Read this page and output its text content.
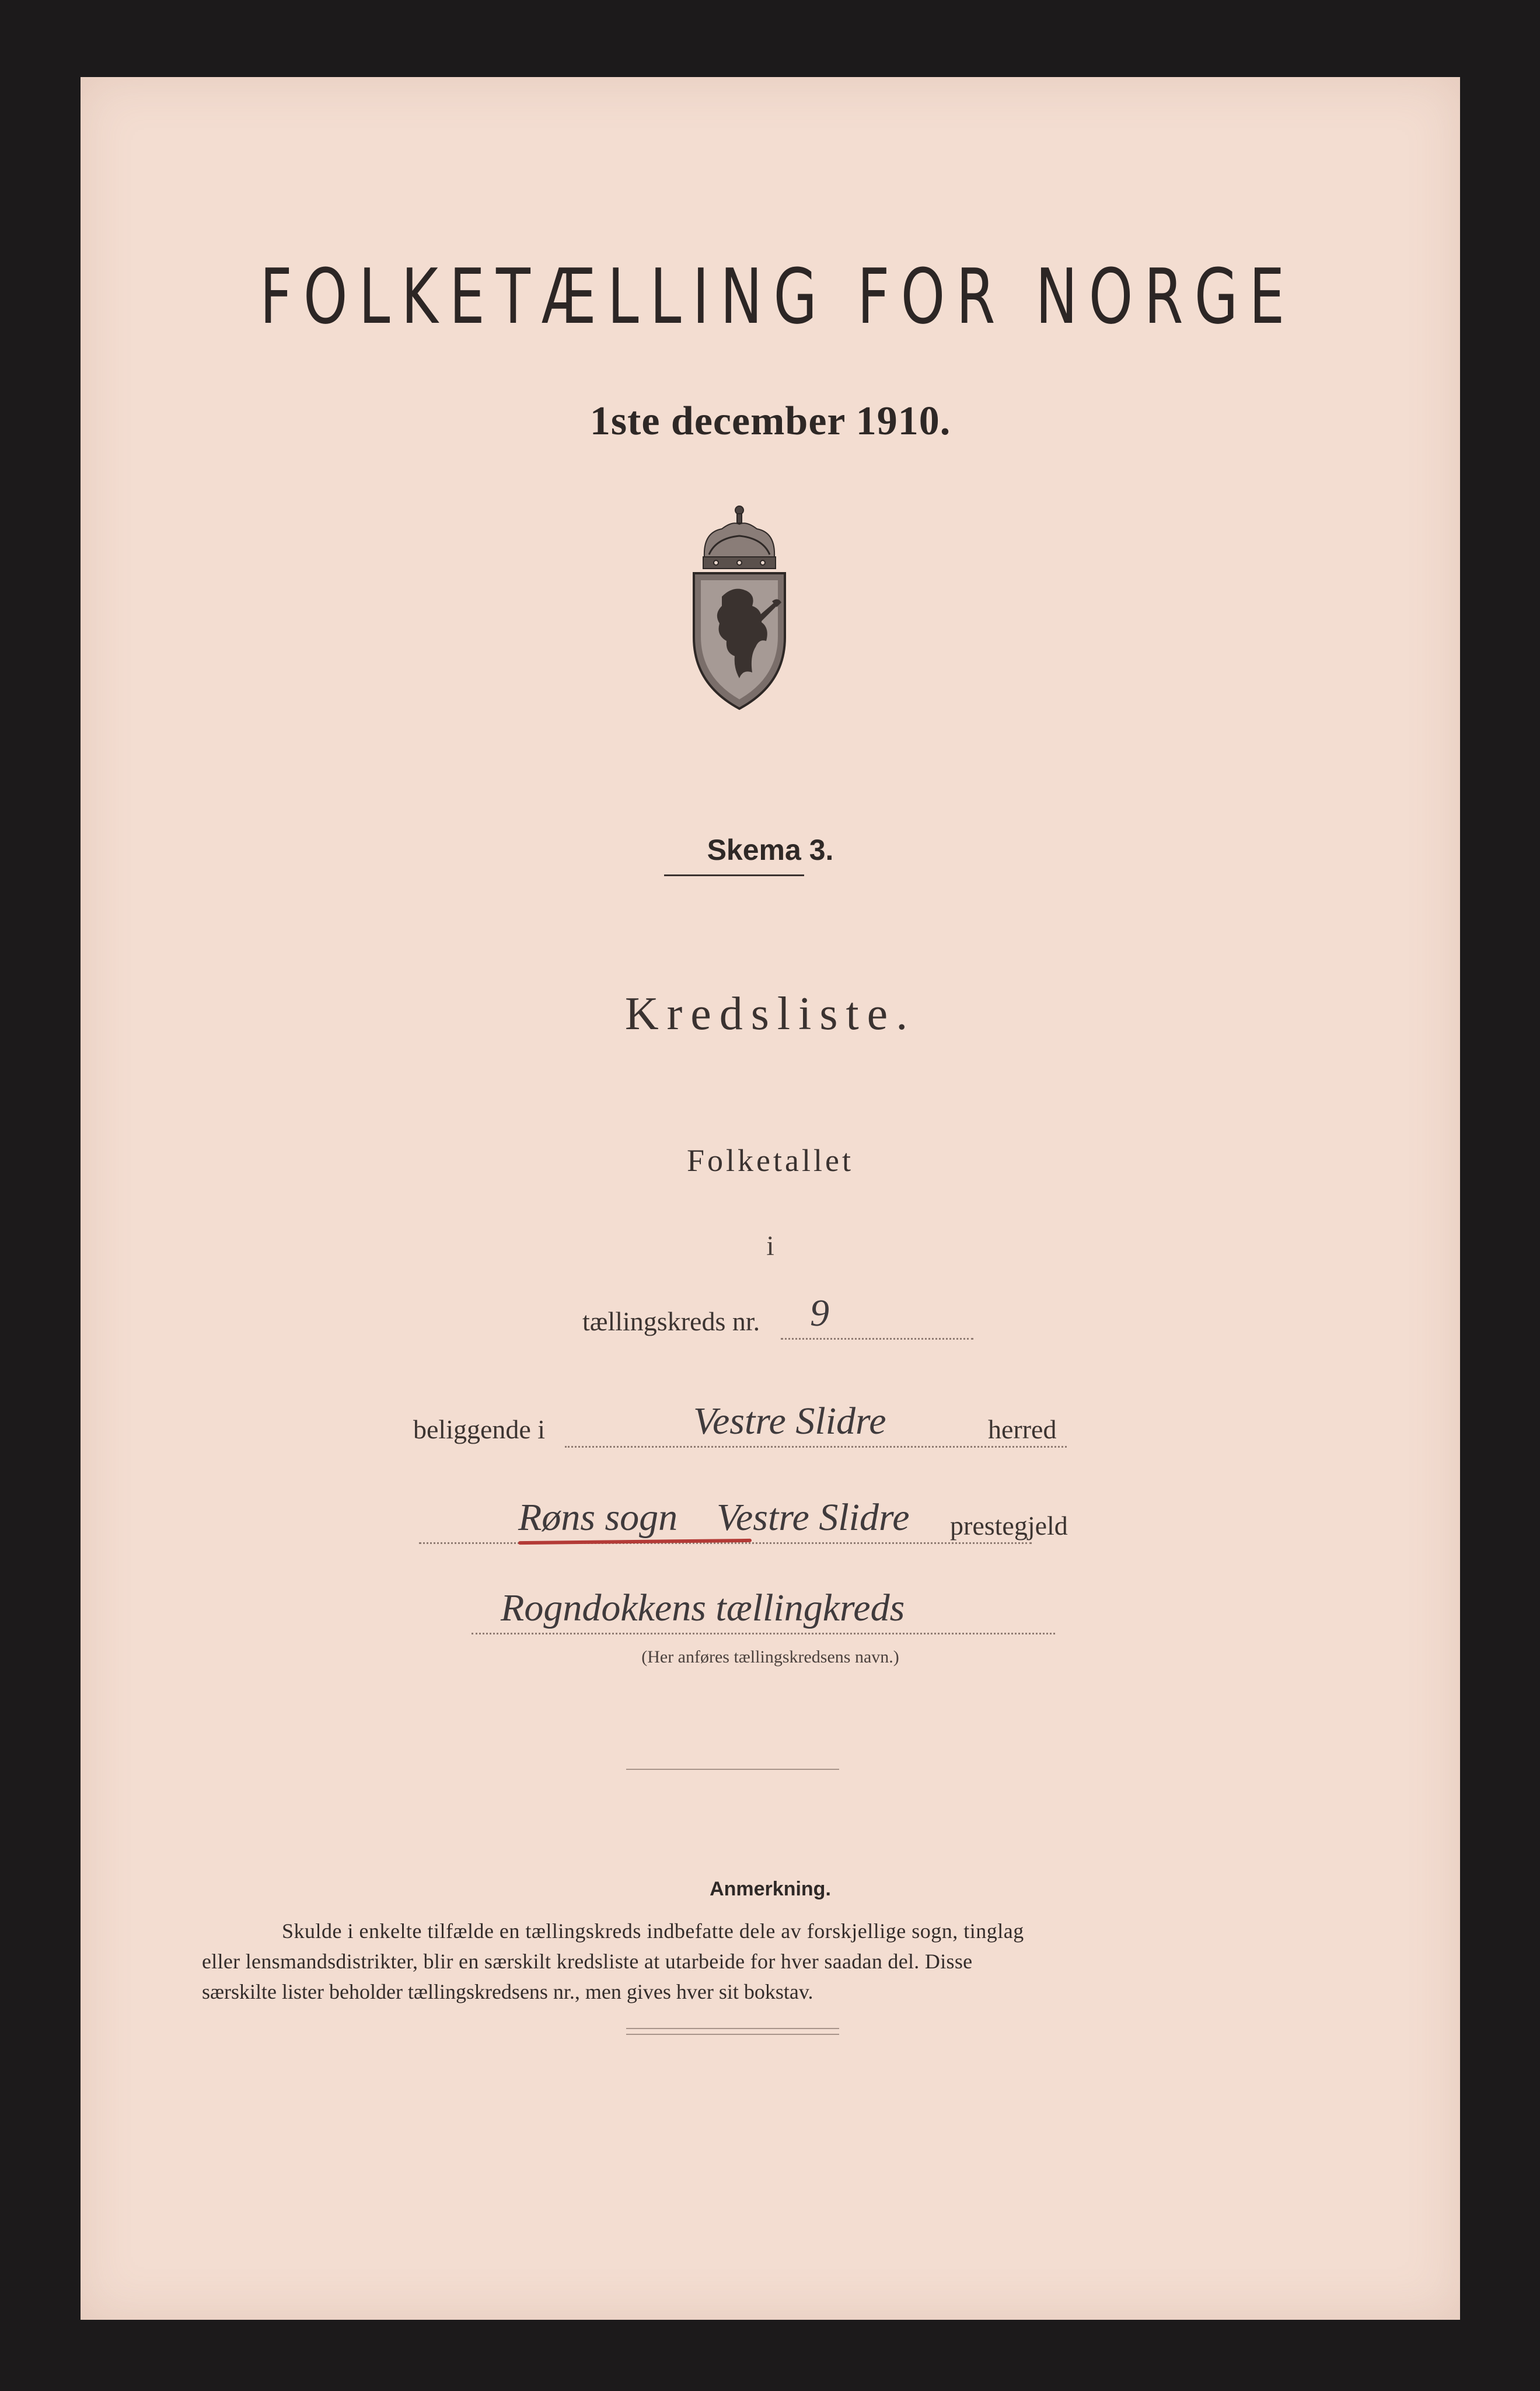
FOLKETÆLLING FOR NORGE
1ste december 1910.
Skema 3.
Kredsliste.
Folketallet
i
tællingskreds nr. 9
beliggende i	Vestre Slidre	herred
Røns sogn Vestre Slidre prestegjeld
Rogndokkens tællingkreds
(Her anføres tællingskredsens navn.)
Anmerkning.
Skulde i enkelte tilfælde en tællingskreds indbefatte dele av forskjellige sogn, tinglag
eller lensmandsdistrikter, blir en særskilt kredsliste at utarbeide for hver saadan del. Disse
særskilte lister beholder tællingskredsens nr., men gives hver sit bokstav.
